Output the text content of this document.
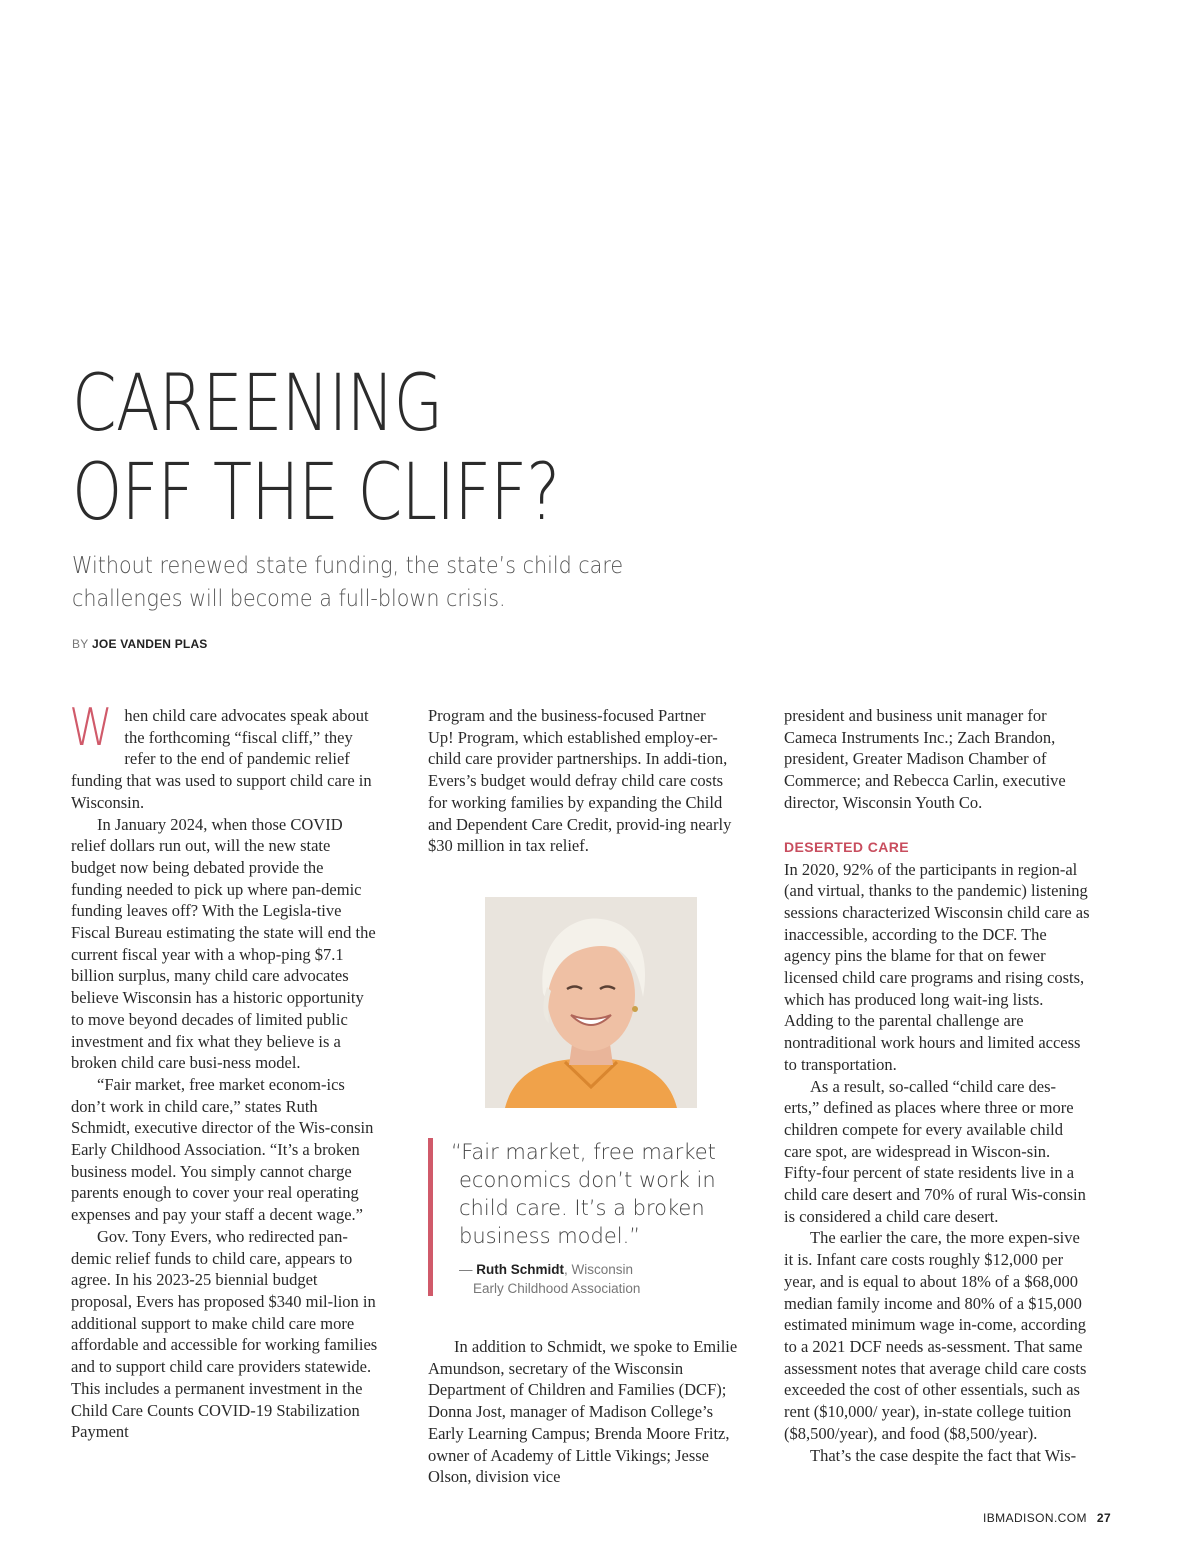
CAREENING
OFF THE CLIFF?
Without renewed state funding, the state’s child care
challenges will become a full-blown crisis.
BY JOE VANDEN PLAS

When child care advocates speak about the forthcoming “fiscal cliff,” they refer to the end of pandemic relief funding that was used to support child care in Wisconsin.

In January 2024, when those COVID relief dollars run out, will the new state budget now being debated provide the funding needed to pick up where pan-demic funding leaves off? With the Legisla-tive Fiscal Bureau estimating the state will end the current fiscal year with a whop-ping $7.1 billion surplus, many child care advocates believe Wisconsin has a historic opportunity to move beyond decades of limited public investment and fix what they believe is a broken child care busi-ness model.

“Fair market, free market econom-ics don’t work in child care,” states Ruth Schmidt, executive director of the Wis-consin Early Childhood Association. “It’s a broken business model. You simply cannot charge parents enough to cover your real operating expenses and pay your staff a decent wage.”

Gov. Tony Evers, who redirected pan-demic relief funds to child care, appears to agree. In his 2023-25 biennial budget proposal, Evers has proposed $340 mil-lion in additional support to make child care more affordable and accessible for working families and to support child care providers statewide. This includes a permanent investment in the Child Care Counts COVID-19 Stabilization Payment

Program and the business-focused Partner Up! Program, which established employ-er-child care provider partnerships. In addi-tion, Evers’s budget would defray child care costs for working families by expanding the Child and Dependent Care Credit, provid-ing nearly $30 million in tax relief.

“Fair market, free market
economics don’t work in
child care. It’s a broken
business model.”
— Ruth Schmidt, Wisconsin
Early Childhood Association

In addition to Schmidt, we spoke to Emilie Amundson, secretary of the Wisconsin Department of Children and Families (DCF); Donna Jost, manager of Madison College’s Early Learning Campus; Brenda Moore Fritz, owner of Academy of Little Vikings; Jesse Olson, division vice

president and business unit manager for Cameca Instruments Inc.; Zach Brandon, president, Greater Madison Chamber of Commerce; and Rebecca Carlin, executive director, Wisconsin Youth Co.

DESERTED CARE

In 2020, 92% of the participants in region-al (and virtual, thanks to the pandemic) listening sessions characterized Wisconsin child care as inaccessible, according to the DCF. The agency pins the blame for that on fewer licensed child care programs and rising costs, which has produced long wait-ing lists. Adding to the parental challenge are nontraditional work hours and limited access to transportation.

As a result, so-called “child care des-erts,” defined as places where three or more children compete for every available child care spot, are widespread in Wiscon-sin. Fifty-four percent of state residents live in a child care desert and 70% of rural Wis-consin is considered a child care desert.

The earlier the care, the more expen-sive it is. Infant care costs roughly $12,000 per year, and is equal to about 18% of a $68,000 median family income and 80% of a $15,000 estimated minimum wage in-come, according to a 2021 DCF needs as-sessment. That same assessment notes that average child care costs exceeded the cost of other essentials, such as rent ($10,000/ year), in-state college tuition ($8,500/year), and food ($8,500/year).

That’s the case despite the fact that Wis-

IBMADISON.COM 27
